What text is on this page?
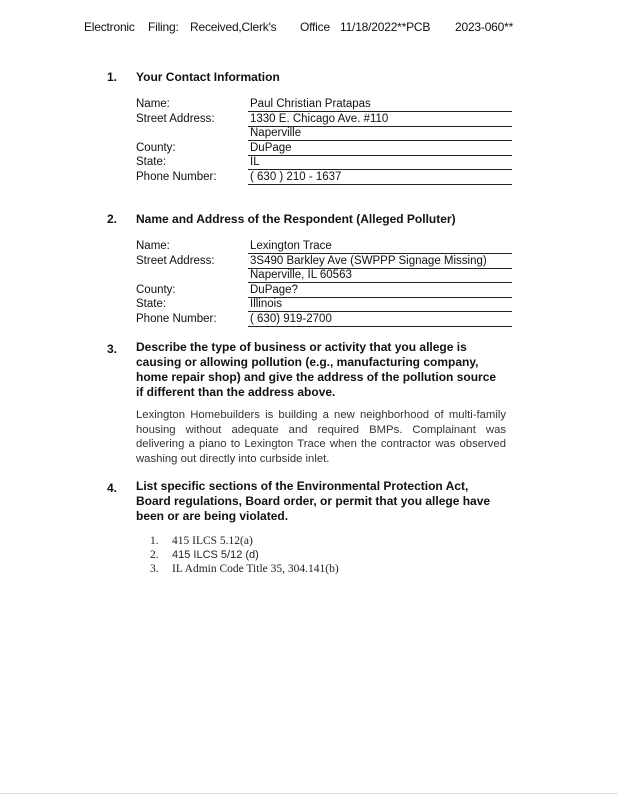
Electronic Filing: Received,Clerk's Office 11/18/2022**PCB 2023-060**
1. Your Contact Information
Name:	Paul Christian Pratapas
Street Address:	1330 E. Chicago Ave. #110
Naperville
County:	DuPage
State:	IL
Phone Number:	( 630 ) 210 - 1637
2. Name and Address of the Respondent (Alleged Polluter)
Name:	Lexington Trace
Street Address:	3S490 Barkley Ave (SWPPP Signage Missing)
Naperville, IL 60563
County:	DuPage?
State:	Illinois
Phone Number:	( 630) 919-2700
3. Describe the type of business or activity that you allege is
causing or allowing pollution (e.g., manufacturing company,
home repair shop) and give the address of the pollution source
if different than the address above.
Lexington Homebuilders is building a new neighborhood of multi-family housing without adequate and required BMPs. Complainant was delivering a piano to Lexington Trace when the contractor was observed washing out directly into curbside inlet.
4. List specific sections of the Environmental Protection Act,
Board regulations, Board order, or permit that you allege have
been or are being violated.
1. 415 ILCS 5.12(a)
2. 415 ILCS 5/12 (d)
3. IL Admin Code Title 35, 304.141(b)
